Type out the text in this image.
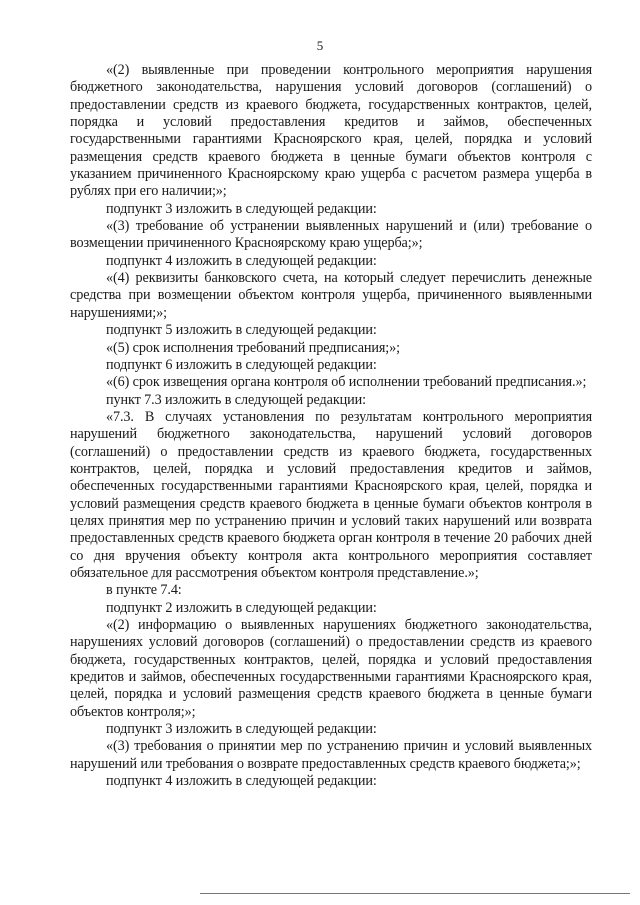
5

«(2) выявленные при проведении контрольного мероприятия нарушения бюджетного законодательства, нарушения условий договоров (соглашений) о предоставлении средств из краевого бюджета, государственных контрактов, целей, порядка и условий предоставления кредитов и займов, обеспеченных государственными гарантиями Красноярского края, целей, порядка и условий размещения средств краевого бюджета в ценные бумаги объектов контроля с указанием причиненного Красноярскому краю ущерба с расчетом размера ущерба в рублях при его наличии;»;

подпункт 3 изложить в следующей редакции:

«(3) требование об устранении выявленных нарушений и (или) требование о возмещении причиненного Красноярскому краю ущерба;»;

подпункт 4 изложить в следующей редакции:

«(4) реквизиты банковского счета, на который следует перечислить денежные средства при возмещении объектом контроля ущерба, причиненного выявленными нарушениями;»;

подпункт 5 изложить в следующей редакции:

«(5) срок исполнения требований предписания;»;

подпункт 6 изложить в следующей редакции:

«(6) срок извещения органа контроля об исполнении требований предписания.»;

пункт 7.3 изложить в следующей редакции:

«7.3. В случаях установления по результатам контрольного мероприятия нарушений бюджетного законодательства, нарушений условий договоров (соглашений) о предоставлении средств из краевого бюджета, государственных контрактов, целей, порядка и условий предоставления кредитов и займов, обеспеченных государственными гарантиями Красноярского края, целей, порядка и условий размещения средств краевого бюджета в ценные бумаги объектов контроля в целях принятия мер по устранению причин и условий таких нарушений или возврата предоставленных средств краевого бюджета орган контроля в течение 20 рабочих дней со дня вручения объекту контроля акта контрольного мероприятия составляет обязательное для рассмотрения объектом контроля представление.»;

в пункте 7.4:

подпункт 2 изложить в следующей редакции:

«(2) информацию о выявленных нарушениях бюджетного законодательства, нарушениях условий договоров (соглашений) о предоставлении средств из краевого бюджета, государственных контрактов, целей, порядка и условий предоставления кредитов и займов, обеспеченных государственными гарантиями Красноярского края, целей, порядка и условий размещения средств краевого бюджета в ценные бумаги объектов контроля;»;

подпункт 3 изложить в следующей редакции:

«(3) требования о принятии мер по устранению причин и условий выявленных нарушений или требования о возврате предоставленных средств краевого бюджета;»;

подпункт 4 изложить в следующей редакции:
